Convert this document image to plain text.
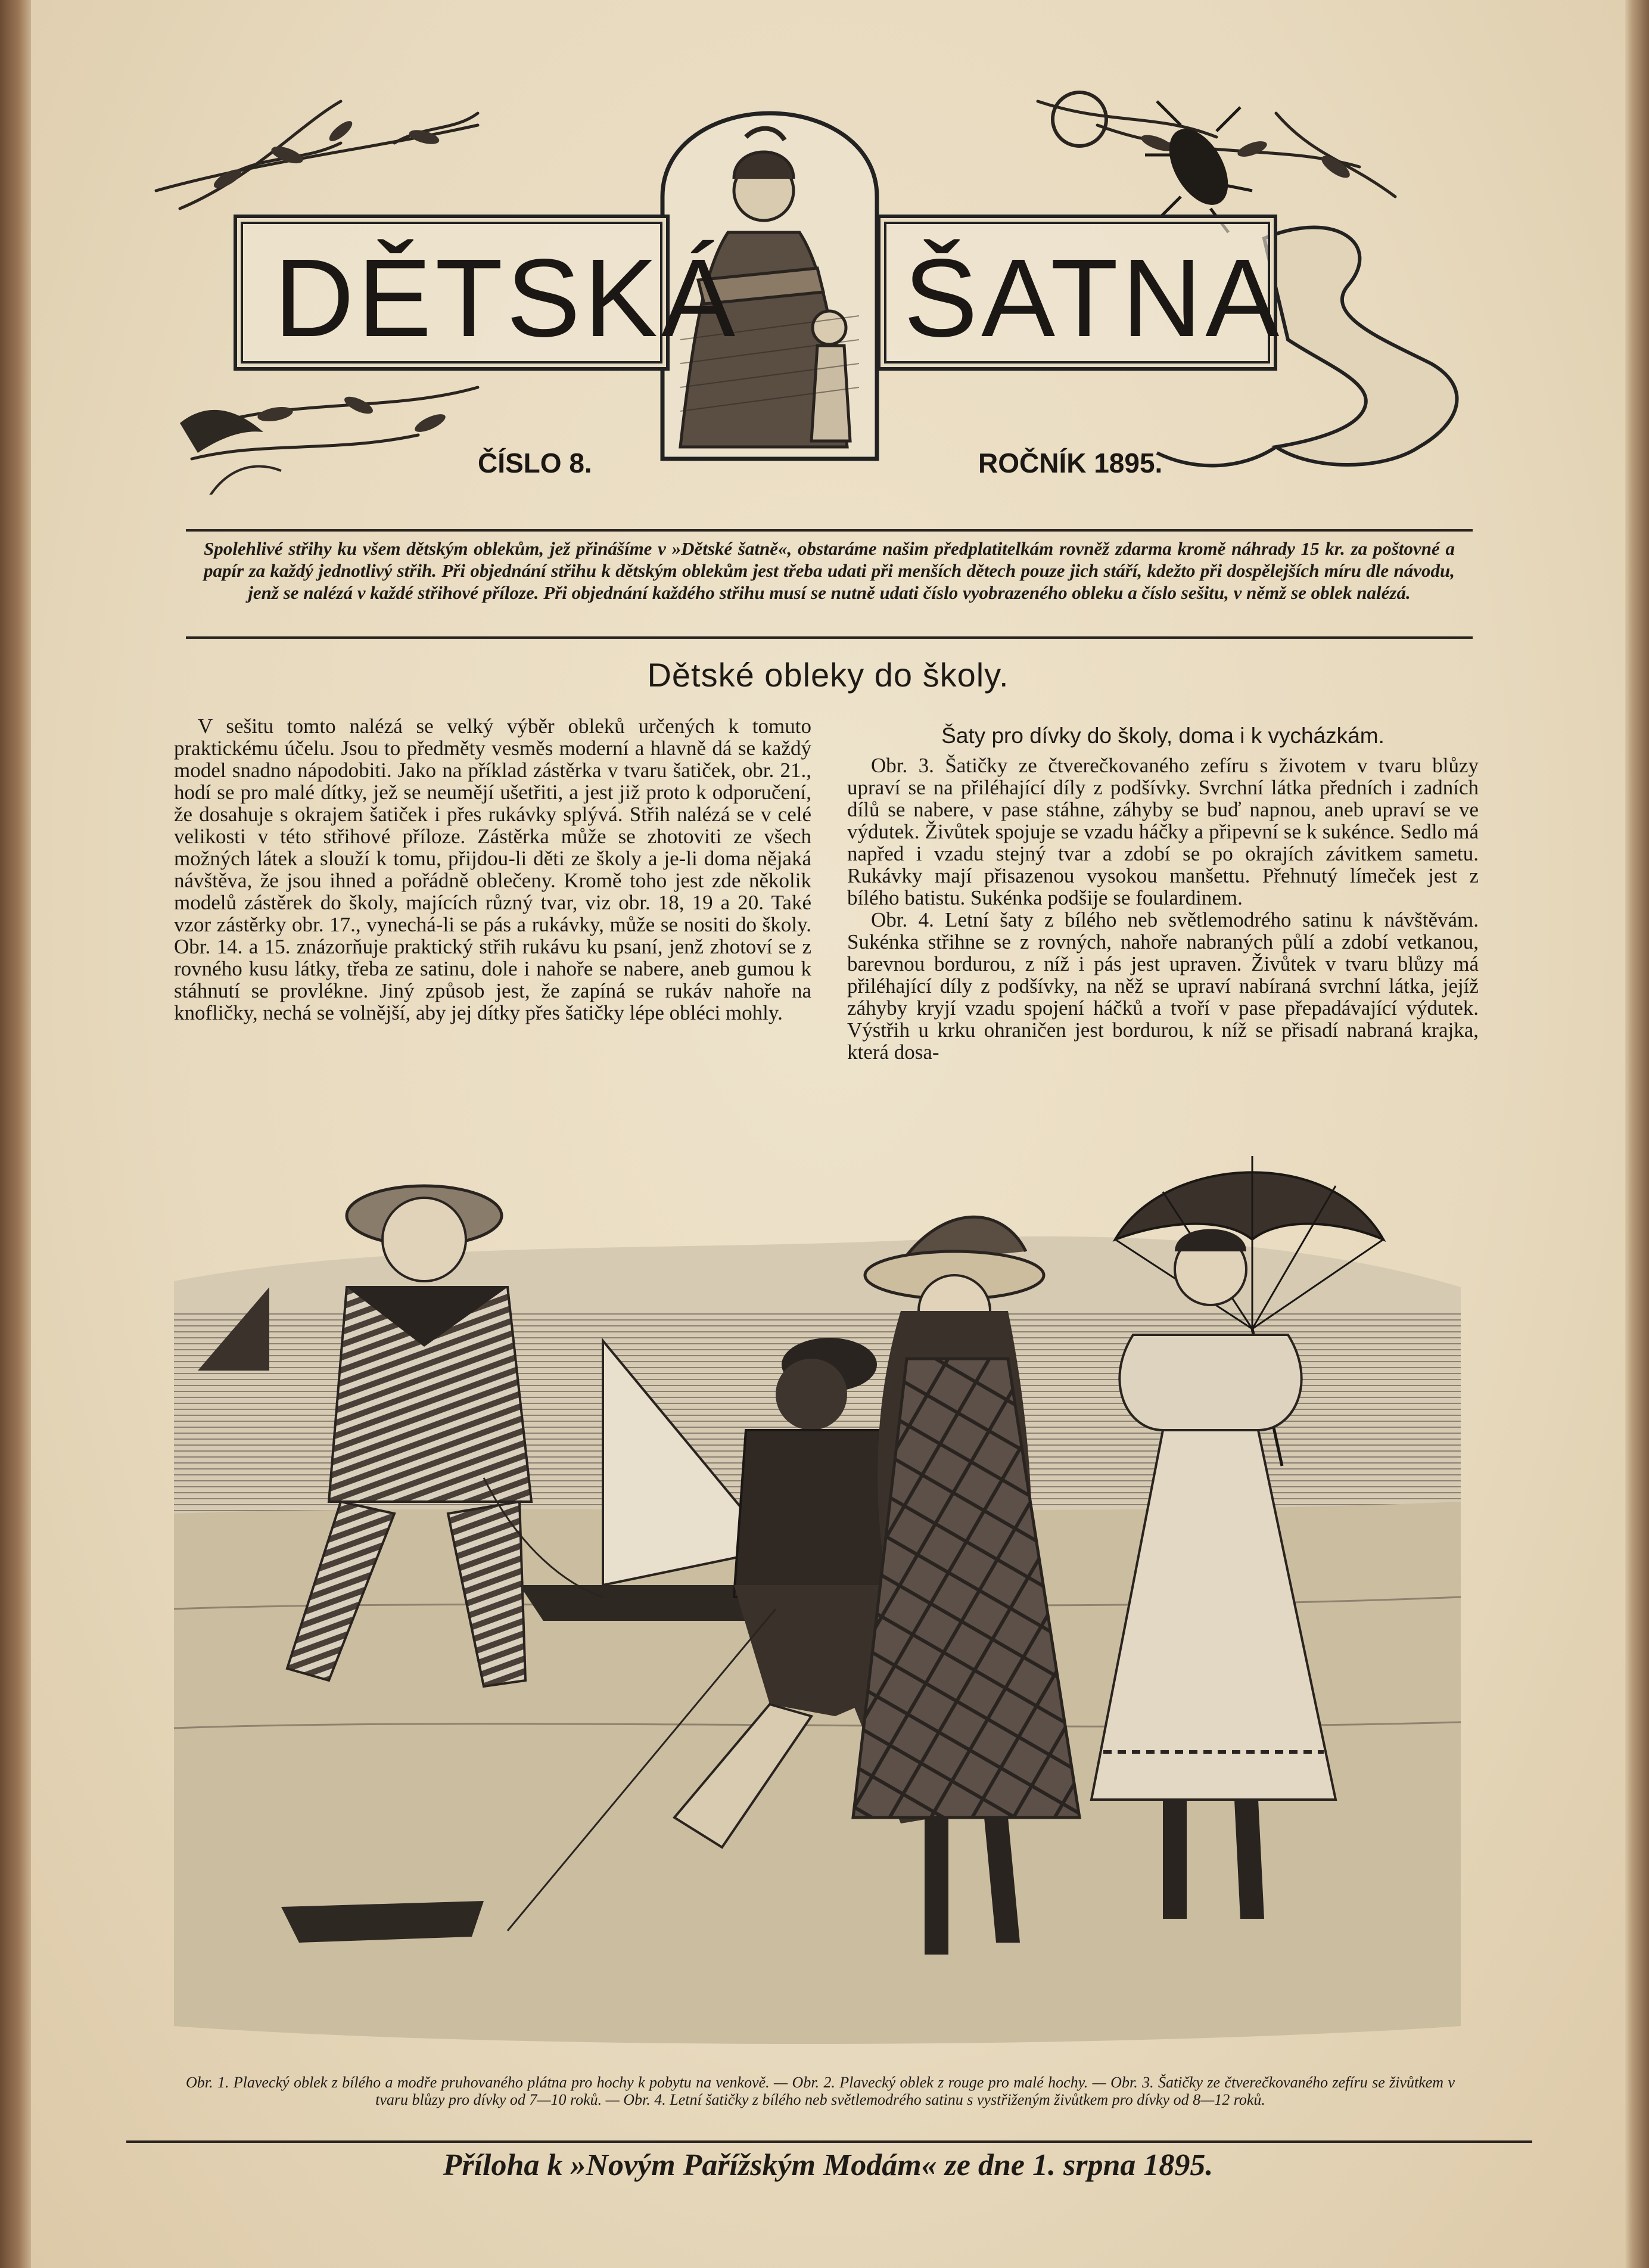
DĚTSKÁ ŠATNA
ČÍSLO 8.	ROČNÍK 1895.
Spolehlivé střihy ku všem dětským oblekům, jež přinášíme v »Dětské šatně«, obstaráme našim předplatitelkám rovněž zdarma kromě náhrady 15 kr. za poštovné a papír za každý jednotlivý střih. Při objednání střihu k dětským oblekům jest třeba udati při menších dětech pouze jich stáří, kdežto při dospělejších míru dle návodu, jenž se nalézá v každé střihové příloze. Při objednání každého střihu musí se nutně udati číslo vyobrazeného obleku a číslo sešitu, v němž se oblek nalézá.
Dětské obleky do školy.

V sešitu tomto nalézá se velký výběr obleků určených k tomuto praktickému účelu. Jsou to předměty vesměs moderní a hlavně dá se každý model snadno nápodobiti. Jako na příklad zástěrka v tvaru šatiček, obr. 21., hodí se pro malé dítky, jež se neumějí ušetřiti, a jest již proto k odporučení, že dosahuje s okrajem šatiček i přes rukávky splývá. Střih nalézá se v celé velikosti v této střihové příloze. Zástěrka může se zhotoviti ze všech možných látek a slouží k tomu, přijdou-li děti ze školy a je-li doma nějaká návštěva, že jsou ihned a pořádně oblečeny. Kromě toho jest zde několik modelů zástěrek do školy, majících různý tvar, viz obr. 18, 19 a 20. Také vzor zástěrky obr. 17., vynechá-li se pás a rukávky, může se nositi do školy. Obr. 14. a 15. znázorňuje praktický střih rukávu ku psaní, jenž zhotoví se z rovného kusu látky, třeba ze satinu, dole i nahoře se nabere, aneb gumou k stáhnutí se provlékne. Jiný způsob jest, že zapíná se rukáv nahoře na knofličky, nechá se volnější, aby jej dítky přes šatičky lépe obléci mohly.

Šaty pro dívky do školy, doma i k vycházkám.

Obr. 3. Šatičky ze čtverečkovaného zefíru s životem v tvaru blůzy upraví se na přiléhající díly z podšívky. Svrchní látka předních i zadních dílů se nabere, v pase stáhne, záhyby se buď napnou, aneb upraví se ve výdutek. Živůtek spojuje se vzadu háčky a připevní se k sukénce. Sedlo má napřed i vzadu stejný tvar a zdobí se po okrajích závitkem sametu. Rukávky mají přisazenou vysokou manšettu. Přehnutý límeček jest z bílého batistu. Sukénka podšije se foulardinem.

Obr. 4. Letní šaty z bílého neb světlemodrého satinu k návštěvám. Sukénka střihne se z rovných, nahoře nabraných půlí a zdobí vetkanou, barevnou bordurou, z níž i pás jest upraven. Živůtek v tvaru blůzy má přiléhající díly z podšívky, na něž se upraví nabíraná svrchní látka, jejíž záhyby kryjí vzadu spojení háčků a tvoří v pase přepadávající výdutek. Výstřih u krku ohraničen jest bordurou, k níž se přisadí nabraná krajka, která dosa-

Obr. 1. Plavecký oblek z bílého a modře pruhovaného plátna pro hochy k pobytu na venkově. — Obr. 2. Plavecký oblek z rouge pro malé hochy. — Obr. 3. Šatičky ze čtverečkovaného zefíru se živůtkem v tvaru blůzy pro dívky od 7—10 roků. — Obr. 4. Letní šatičky z bílého neb světlemodrého satinu s vystřiženým živůtkem pro dívky od 8—12 roků.
Příloha k »Novým Pařížským Modám« ze dne 1. srpna 1895.
